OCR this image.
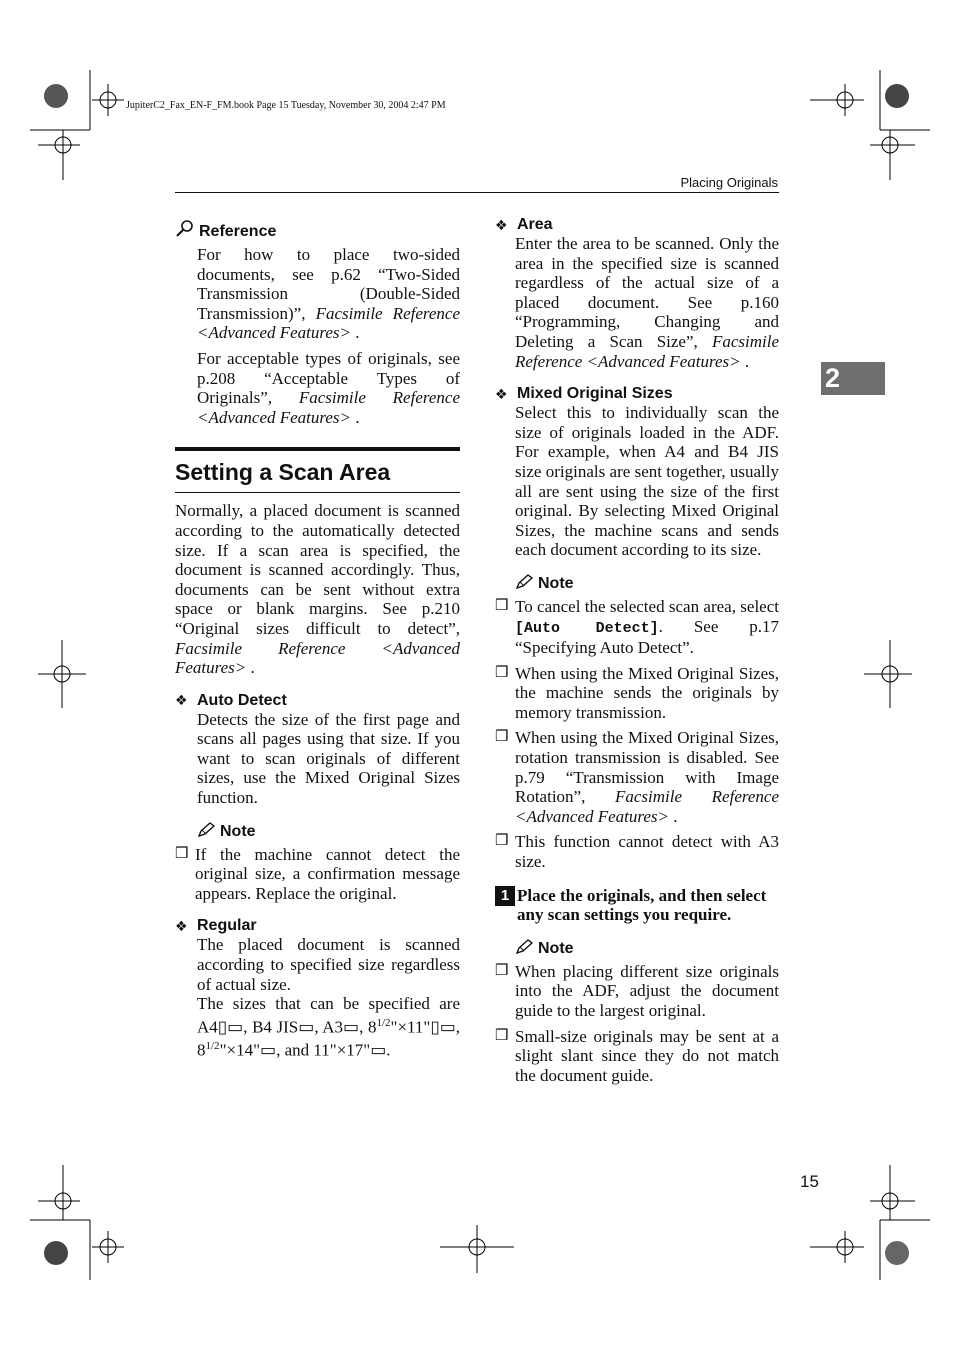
JupiterC2_Fax_EN-F_FM.book Page 15 Tuesday, November 30, 2004 2:47 PM
Placing Originals
2
Reference

For how to place two-sided documents, see p.62 “Two-Sided Transmission (Double-Sided Transmission)”, Facsimile Reference <Advanced Features> .

For acceptable types of originals, see p.208 “Acceptable Types of Originals”, Facsimile Reference <Advanced Features> .

Setting a Scan Area

Normally, a placed document is scanned according to the automatically detected size. If a scan area is specified, the document is scanned accordingly. Thus, documents can be sent without extra space or blank margins. See p.210 “Original sizes difficult to detect”, Facsimile Reference <Advanced Features> .

❖ Auto Detect
Detects the size of the first page and scans all pages using that size. If you want to scan originals of different sizes, use the Mixed Original Sizes function.
Note
❒ If the machine cannot detect the original size, a confirmation message appears. Replace the original.
❖ Regular

The placed document is scanned according to specified size regardless of actual size.

The sizes that can be specified are A4▯▭, B4 JIS▭, A3▭, $8^{1/2}"\times 11"▯▭$, $8^{1/2}"\times 14"▭$, and 11"×17"▭.

❖ Area

Enter the area to be scanned. Only the area in the specified size is scanned regardless of the actual size of a placed document. See p.160 “Programming, Changing and Deleting a Scan Size”, Facsimile Reference <Advanced Features> .

❖ Mixed Original Sizes
Select this to individually scan the size of originals loaded in the ADF. For example, when A4 and B4 JIS size originals are sent together, usually all are sent using the size of the first original. By selecting Mixed Original Sizes, the machine scans and sends each document according to its size.
Note
❒ To cancel the selected scan area, select [Auto Detect]. See p.17 “Specifying Auto Detect”.
❒ When using the Mixed Original Sizes, the machine sends the originals by memory transmission.
❒ When using the Mixed Original Sizes, rotation transmission is disabled. See p.79 “Transmission with Image Rotation”, Facsimile Reference <Advanced Features> .
❒ This function cannot detect with A3 size.
1 Place the originals, and then select any scan settings you require.
Note
❒ When placing different size originals into the ADF, adjust the document guide to the largest original.
❒ Small-size originals may be sent at a slight slant since they do not match the document guide.
15
